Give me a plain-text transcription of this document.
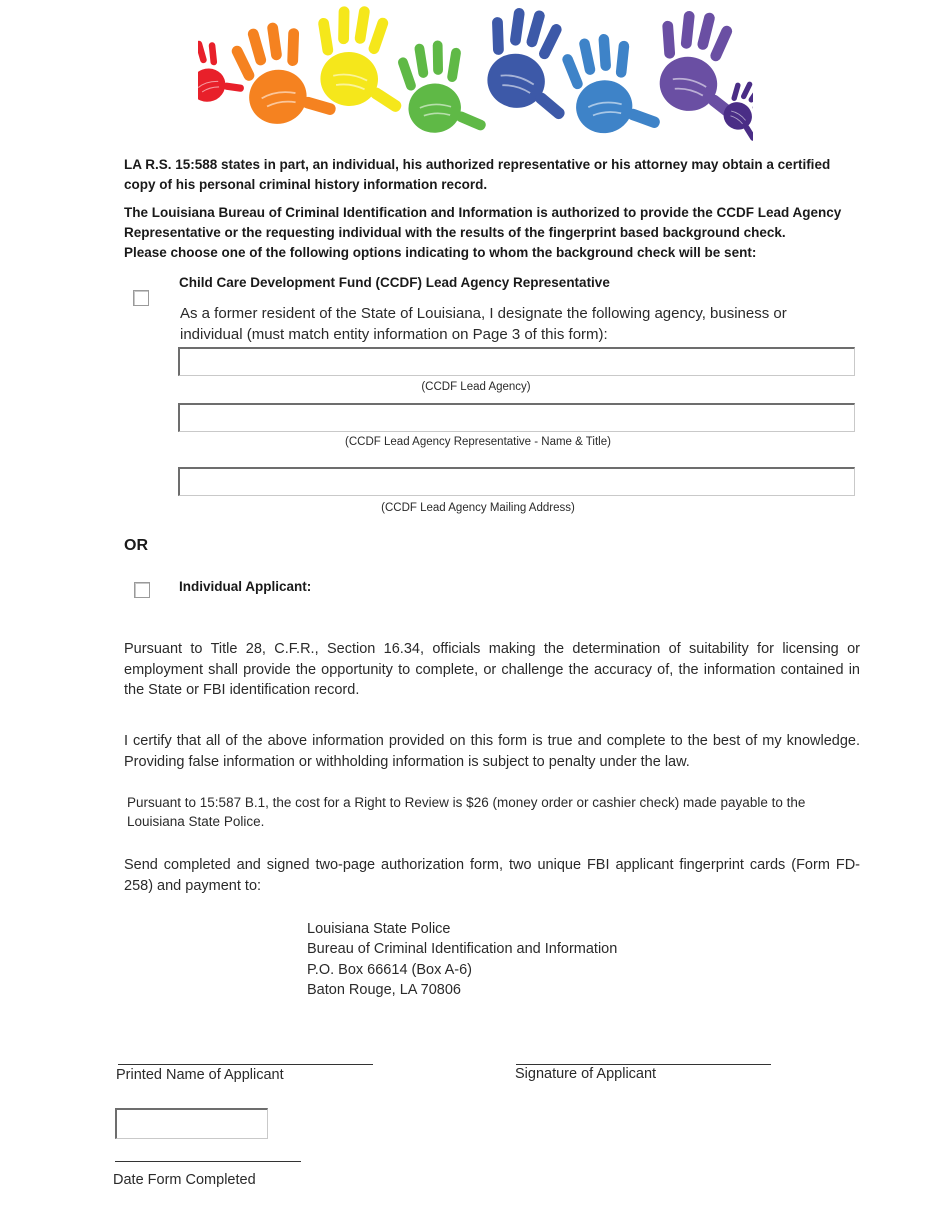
LA R.S. 15:588 states in part, an individual, his authorized representative or his attorney may obtain a certified copy of his personal criminal history information record.
The Louisiana Bureau of Criminal Identification and Information is authorized to provide the CCDF Lead Agency Representative or the requesting individual with the results of the fingerprint based background check.
Please choose one of the following options indicating to whom the background check will be sent:
Child Care Development Fund (CCDF) Lead Agency Representative
As a former resident of the State of Louisiana, I designate the following agency, business or individual (must match entity information on Page 3 of this form):
(CCDF Lead Agency)
(CCDF Lead Agency Representative - Name & Title)
(CCDF Lead Agency Mailing Address)
OR
Individual Applicant:
Pursuant to Title 28, C.F.R., Section 16.34, officials making the determination of suitability for licensing or employment shall provide the opportunity to complete, or challenge the accuracy of, the information contained in the State or FBI identification record.
I certify that all of the above information provided on this form is true and complete to the best of my knowledge. Providing false information or withholding information is subject to penalty under the law.
Pursuant to 15:587 B.1, the cost for a Right to Review is $26 (money order or cashier check) made payable to the Louisiana State Police.
Send completed and signed two-page authorization form, two unique FBI applicant fingerprint cards (Form FD-258) and payment to:
Louisiana State Police
Bureau of Criminal Identification and Information
P.O. Box 66614 (Box A-6)
Baton Rouge, LA 70806
Printed Name of Applicant	Signature of Applicant
Date Form Completed
